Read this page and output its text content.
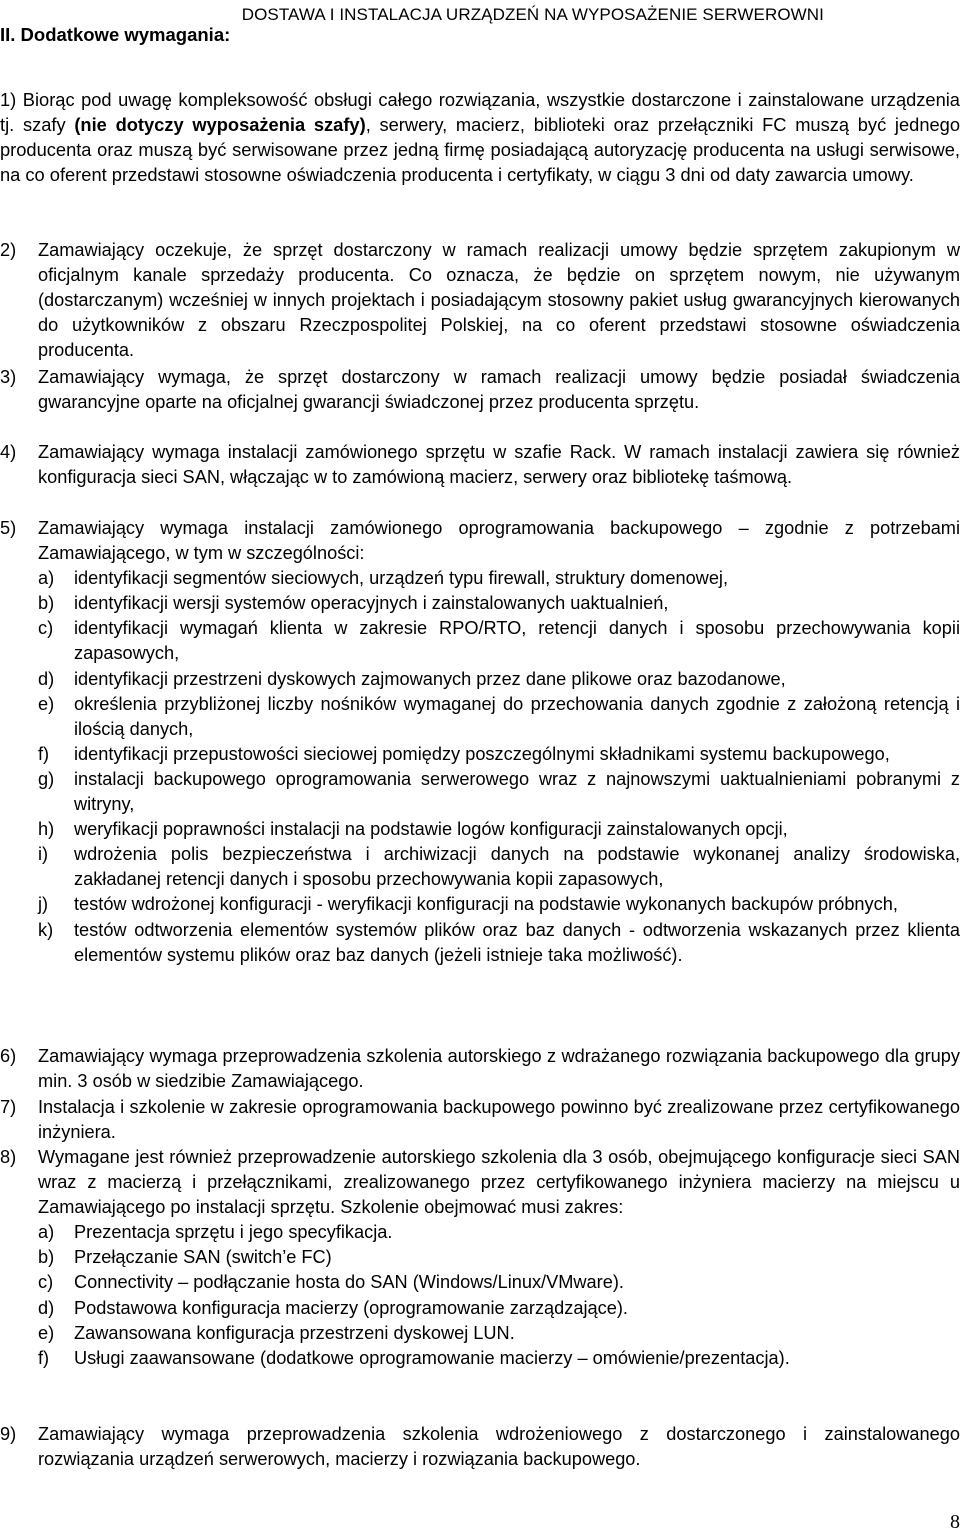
DOSTAWA I INSTALACJA URZĄDZEŃ NA WYPOSAŻENIE SERWEROWNI
II. Dodatkowe wymagania:
1) Biorąc pod uwagę kompleksowość obsługi całego rozwiązania, wszystkie dostarczone i zainstalowane urządzenia tj. szafy (nie dotyczy wyposażenia szafy), serwery, macierz, biblioteki oraz przełączniki FC muszą być jednego producenta oraz muszą być serwisowane przez jedną firmę posiadającą autoryzację producenta na usługi serwisowe, na co oferent przedstawi stosowne oświadczenia producenta i certyfikaty, w ciągu 3 dni od daty zawarcia umowy.
2) Zamawiający oczekuje, że sprzęt dostarczony w ramach realizacji umowy będzie sprzętem zakupionym w oficjalnym kanale sprzedaży producenta. Co oznacza, że będzie on sprzętem nowym, nie używanym (dostarczanym) wcześniej w innych projektach i posiadającym stosowny pakiet usług gwarancyjnych kierowanych do użytkowników z obszaru Rzeczpospolitej Polskiej, na co oferent przedstawi stosowne oświadczenia producenta.
3) Zamawiający wymaga, że sprzęt dostarczony w ramach realizacji umowy będzie posiadał świadczenia gwarancyjne oparte na oficjalnej gwarancji świadczonej przez producenta sprzętu.
4) Zamawiający wymaga instalacji zamówionego sprzętu w szafie Rack. W ramach instalacji zawiera się również konfiguracja sieci SAN, włączając w to zamówioną macierz, serwery oraz bibliotekę taśmową.
5) Zamawiający wymaga instalacji zamówionego oprogramowania backupowego – zgodnie z potrzebami Zamawiającego, w tym w szczególności:
a) identyfikacji segmentów sieciowych, urządzeń typu firewall, struktury domenowej,
b) identyfikacji wersji systemów operacyjnych i zainstalowanych uaktualnień,
c) identyfikacji wymagań klienta w zakresie RPO/RTO, retencji danych i sposobu przechowywania kopii zapasowych,
d) identyfikacji przestrzeni dyskowych zajmowanych przez dane plikowe oraz bazodanowe,
e) określenia przybliżonej liczby nośników wymaganej do przechowania danych zgodnie z założoną retencją i ilością danych,
f) identyfikacji przepustowości sieciowej pomiędzy poszczególnymi składnikami systemu backupowego,
g) instalacji backupowego oprogramowania serwerowego wraz z najnowszymi uaktualnieniami pobranymi z witryny,
h) weryfikacji poprawności instalacji na podstawie logów konfiguracji zainstalowanych opcji,
i) wdrożenia polis bezpieczeństwa i archiwizacji danych na podstawie wykonanej analizy środowiska, zakładanej retencji danych i sposobu przechowywania kopii zapasowych,
j) testów wdrożonej konfiguracji - weryfikacji konfiguracji na podstawie wykonanych backupów próbnych,
k) testów odtworzenia elementów systemów plików oraz baz danych - odtworzenia wskazanych przez klienta elementów systemu plików oraz baz danych (jeżeli istnieje taka możliwość).
6) Zamawiający wymaga przeprowadzenia szkolenia autorskiego z wdrażanego rozwiązania backupowego dla grupy min. 3 osób w siedzibie Zamawiającego.
7) Instalacja i szkolenie w zakresie oprogramowania backupowego powinno być zrealizowane przez certyfikowanego inżyniera.
8) Wymagane jest również przeprowadzenie autorskiego szkolenia dla 3 osób, obejmującego konfiguracje sieci SAN wraz z macierzą i przełącznikami, zrealizowanego przez certyfikowanego inżyniera macierzy na miejscu u Zamawiającego po instalacji sprzętu. Szkolenie obejmować musi zakres:
a) Prezentacja sprzętu i jego specyfikacja.
b) Przełączanie SAN (switch’e FC)
c) Connectivity – podłączanie hosta do SAN (Windows/Linux/VMware).
d) Podstawowa konfiguracja macierzy (oprogramowanie zarządzające).
e) Zawansowana konfiguracja przestrzeni dyskowej LUN.
f) Usługi zaawansowane (dodatkowe oprogramowanie macierzy – omówienie/prezentacja).
9) Zamawiający wymaga przeprowadzenia szkolenia wdrożeniowego z dostarczonego i zainstalowanego rozwiązania urządzeń serwerowych, macierzy i rozwiązania backupowego.
8
